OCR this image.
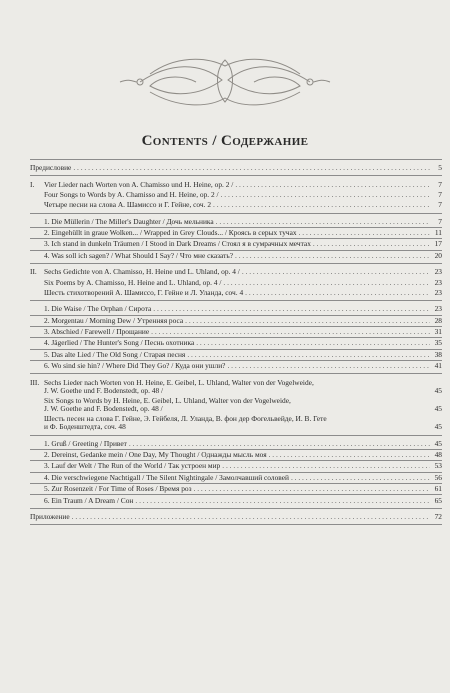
Contents / Содержание
Предисловие . . .	5
I.	Vier Lieder nach Worten von A. Chamisso und H. Heine, op. 2 / . . .	7
Four Songs to Words by A. Chamisso and H. Heine, op. 2 / . . .	7
Четыре песни на слова А. Шамиссо и Г. Гейне, соч. 2 . . .	7
1. Die Müllerin / The Miller's Daughter / Дочь мельника . . .	7
2. Eingehüllt in graue Wolken... / Wrapped in Grey Clouds... / Кроясь в серых тучах . . .	11
3. Ich stand in dunkeln Träumen / I Stood in Dark Dreams / Стоял я в сумрачных мечтах . . .	17
4. Was soll ich sagen? / What Should I Say? / Что мне сказать? . . .	20
II. Sechs Gedichte von A. Chamisso, H. Heine und L. Uhland, op. 4 / . . .	23
Six Poems by A. Chamisso, H. Heine and L. Uhland, op. 4 / . . .	23
Шесть стихотворений А. Шамиссо, Г. Гейне и Л. Уланда, соч. 4 . . .	23
1. Die Waise / The Orphan / Сирота . . .	23
2. Morgentau / Morning Dew / Утренняя роса . . .	28
3. Abschied / Farewell / Прощание . . .	31
4. Jägerlied / The Hunter's Song / Песнь охотника . . .	35
5. Das alte Lied / The Old Song / Старая песня . . .	38
6. Wo sind sie hin? / Where Did They Go? / Куда они ушли? . . .	41
III. Sechs Lieder nach Worten von H. Heine, E. Geibel, L. Uhland, Walter von der Vogelweide,
J. W. Goethe und F. Bodenstedt, op. 48 /	45
Six Songs to Words by H. Heine, E. Geibel, L. Uhland, Walter von der Vogelweide,
J. W. Goethe and F. Bodenstedt, op. 48 /	45
Шесть песен на слова Г. Гейне, Э. Гейбеля, Л. Уланда, В. фон дер Фогельвейде, И. В. Гете
и Ф. Боденштедта, соч. 48	45
1. Gruß / Greeting / Привет . . .	45
2. Dereinst, Gedanke mein / One Day, My Thought / Однажды мысль моя . . .	48
3. Lauf der Welt / The Run of the World / Так устроен мир . . .	53
4. Die verschwiegene Nachtigall / The Silent Nightingale / Замолчавший соловей . . .	56
5. Zur Rosenzeit / For Time of Roses / Время роз . . .	61
6. Ein Traum / A Dream / Сон . . .	65
Приложение . . .	72
